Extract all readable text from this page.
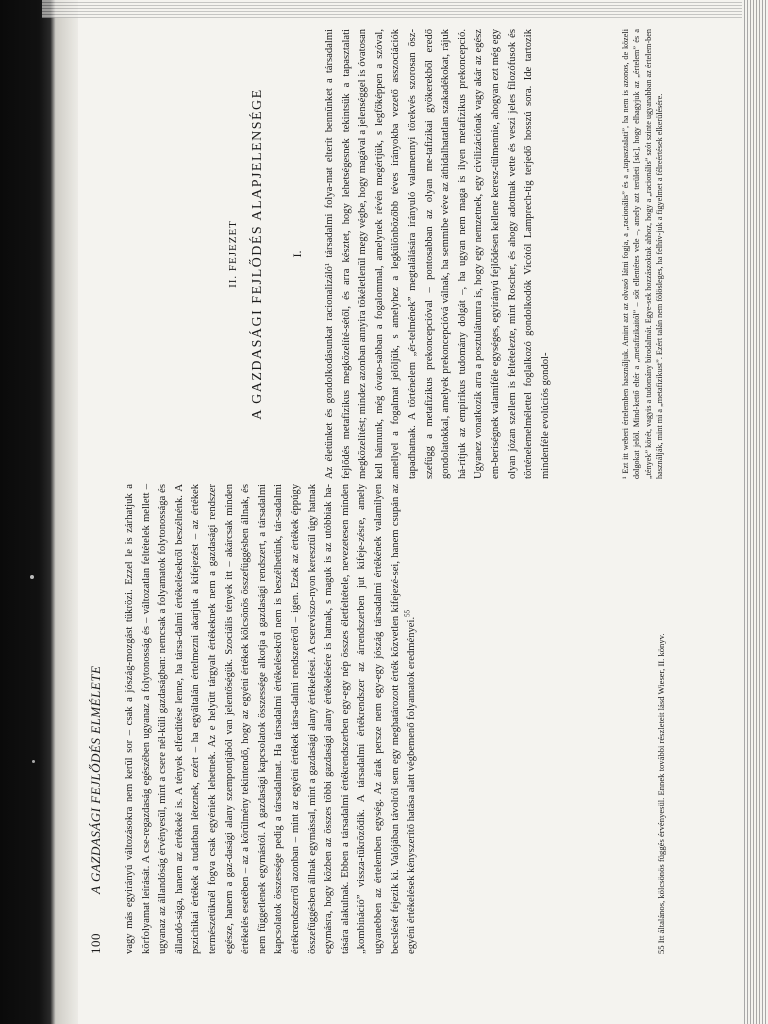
100
A GAZDASÁGI FEJLŐDÉS ELMÉLETE vagy más egyirányú változásokra nem kerül sor – csak a jószág-mozgást tükrözi. Ezzel le is zárhatjuk a körfolyamat leírását. A cse-regazdaság egészében ugyanaz a folytonosság és – változatlan feltételek mellett – ugyanaz az állandóság érvényesül, mint a csere nél-küli gazdaságban: nemcsak a folyamatok folytonossága és állandó-sága, hanem az értékeké is. A tények elferdítése lenne, ha társa-dalmi értékelésekről beszélnénk. A pszichikai értékek a tudatban léteznek, ezért – ha egyáltalán értelmezni akarjuk a kifejezést – az értékek természetüknél fogva csak egyéniek lehetnek. Az e helyütt tárgyalt értékeknek nem a gazdasági rendszer egésze, hanem a gaz-dasági alany szempontjából van jelentőségük. Szociális tények itt – akárcsak minden értékelés esetében – az a körülmény tekintendő, hogy az egyéni értékek kölcsönös összefüggésben állnak, és nem függetlenek egymástól. A gazdasági kapcsolatok összessége alkotja a gazdasági rendszert, a társadalmi kapcsolatok összessége pedig a társadalmat. Ha társadalmi értékelésekről nem is beszélhetünk, tár-sadalmi értékrendszerről azonban – mint az egyéni értékek társa-dalmi rendszeréről – igen. Ezek az értékek éppúgy összefüggésben állnak egymással, mint a gazdasági alany értékelései. A csereviszo-nyon keresztül úgy hatnak egymásra, hogy közben az összes többi gazdasági alany értékelésére is hatnak, s maguk is az utóbbiak ha-tására alakulnak. Ebben a társadalmi értékrendszerben egy-egy nép összes életfeltétele, nevezetesen minden „kombináció” vissza-tükröződik. A társadalmi értékrendszer az árrendszerben jut kifeje-zésre, amely ugyanebben az értelemben egység. Az árak persze nem egy-egy jószág társadalmi értékének valamilyen becslését fejezik ki. Valójában távolról sem egy meghatározott érték közvetlen kifejezé-sei, hanem csupán az egyéni értékelések kényszerítő hatása alatt végbemenő folyamatok eredményei.$^{55}$
55 Itt általános, kölcsönös függés érvényesül. Ennek további részleteit lásd Wieser, II. könyv.
II. FEJEZET A GAZDASÁGI FEJLŐDÉS ALAPJELENSÉGE I. Az életünket és gondolkodásunkat racionalizáló¹ társadalmi folya-mat elterít bennünket a társadalmi fejlődés metafizikus megközelíté-sétől, és arra késztet, hogy lehetségesnek tekintsük a tapasztalati megközelítést; mindez azonban annyira tökéletlenül megy végbe, hogy magával a jelenséggel is óvatosan kell bánnunk, még óvato-sabban a fogalommal, amelynek révén megértjük, s legfőképpen a szóval, amellyel a fogalmat jelöljük, s amelyhez a legkülönbözőbb téves irányokba vezető asszociációk tapadhatnak. A történelem „ér-telmének” megtalálására irányuló valamennyi törekvés szorosan ösz-szefügg a metafizikus prekoncepcióval – pontosabban az olyan me-tafizikai gyökerekből eredő gondolatokkal, amelyek prekoncepcióvá válnak, ha semmibe véve az áthidalhatatlan szakadékokat, rájuk há-rítjuk az empirikus tudomány dolgát –, ha ugyan nem maga is ilyen metafizikus prekoncepció. Ugyanez vonatkozik arra a posztulátumra is, hogy egy nemzetnek, egy civilizációnak vagy akár az egész em-beriségnek valamiféle egységes, egyirányú fejlődésen kellene keresz-tülmennie, ahogyan ezt még egy olyan józan szellem is feltételezte, mint Roscher, és ahogy adottnak vette és veszi jeles filozófusok és történelemelmélettel foglalkozó gondolkodók Vicótól Lamprech-tig terjedő hosszú sora. Ide tartozik mindenféle evolúciós gondol-	¹ Ezt itt weberi értelemben használjuk. Amint azt az olvasó látni fogja, a „racionális” és a „tapasztalati”, ha nem is azonos, de közeli dolgokat jelöl. Mind-kettő eltér a „metafizikaitól” – sőt ellentétes vele –, amely azt területi [sic], hogy elhagyjuk az „értelem” és a „tények” körét, vagyis a tudomány birodalmát. Egye-sek hozzászoktak ahhoz, hogy a „racionális” szót szinte ugyanabban az értelem-ben használják, mint mi a „metafizikust”. Ezért talán nem fölösleges, ha felhív-juk a figyelmet a félreértések elkerülésére.
